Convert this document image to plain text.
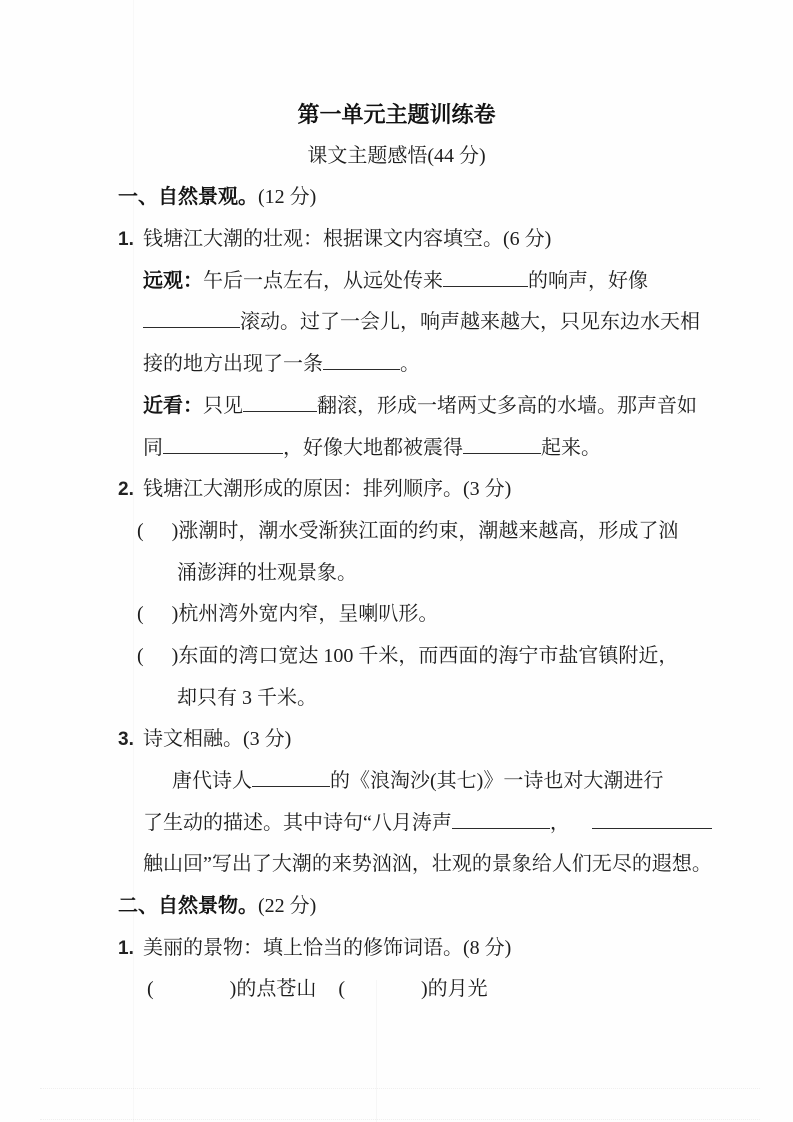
第一单元主题训练卷
课文主题感悟(44 分)
一、自然景观。(12 分)
1. 钱塘江大潮的壮观：根据课文内容填空。(6 分)
远观：午后一点左右，从远处传来	的响声，好像
滚动。过了一会儿，响声越来越大，只见东边水天相
接的地方出现了一条	。
近看：只见	翻滚，形成一堵两丈多高的水墙。那声音如
同	，好像大地都被震得	起来。
2. 钱塘江大潮形成的原因：排列顺序。(3 分)
( )涨潮时，潮水受渐狭江面的约束，潮越来越高，形成了汹
涌澎湃的壮观景象。
( )杭州湾外宽内窄，呈喇叭形。
( )东面的湾口宽达 100 千米，而西面的海宁市盐官镇附近，
却只有 3 千米。
3. 诗文相融。(3 分)
唐代诗人	的《浪淘沙(其七)》一诗也对大潮进行
了生动的描述。其中诗句“八月涛声	，
触山回”写出了大潮的来势汹汹，壮观的景象给人们无尽的遐想。
二、自然景物。(22 分)
1. 美丽的景物：填上恰当的修饰词语。(8 分)
(	)的点苍山 (	)的月光
